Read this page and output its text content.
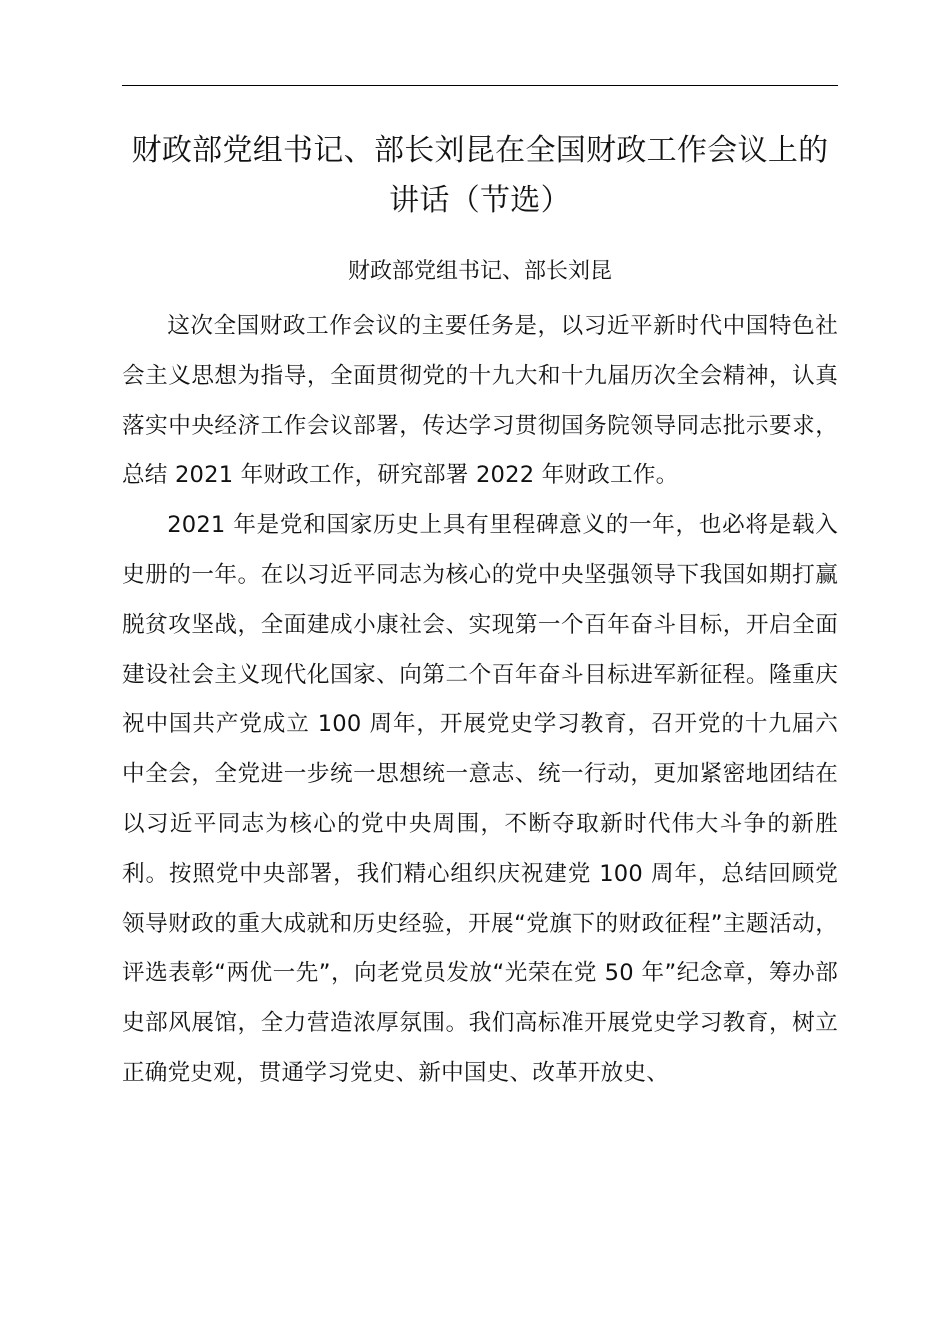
财政部党组书记、部长刘昆在全国财政工作会议上的讲话（节选）
财政部党组书记、部长刘昆

这次全国财政工作会议的主要任务是，以习近平新时代中国特色社会主义思想为指导，全面贯彻党的十九大和十九届历次全会精神，认真落实中央经济工作会议部署，传达学习贯彻国务院领导同志批示要求，总结 2021 年财政工作，研究部署 2022 年财政工作。

2021 年是党和国家历史上具有里程碑意义的一年，也必将是载入史册的一年。在以习近平同志为核心的党中央坚强领导下我国如期打赢脱贫攻坚战，全面建成小康社会、实现第一个百年奋斗目标，开启全面建设社会主义现代化国家、向第二个百年奋斗目标进军新征程。隆重庆祝中国共产党成立 100 周年，开展党史学习教育，召开党的十九届六中全会，全党进一步统一思想统一意志、统一行动，更加紧密地团结在以习近平同志为核心的党中央周围，不断夺取新时代伟大斗争的新胜利。按照党中央部署，我们精心组织庆祝建党 100 周年，总结回顾党领导财政的重大成就和历史经验，开展“党旗下的财政征程”主题活动，评选表彰“两优一先”，向老党员发放“光荣在党 50 年”纪念章，筹办部史部风展馆，全力营造浓厚氛围。我们高标准开展党史学习教育，树立正确党史观，贯通学习党史、新中国史、改革开放史、
